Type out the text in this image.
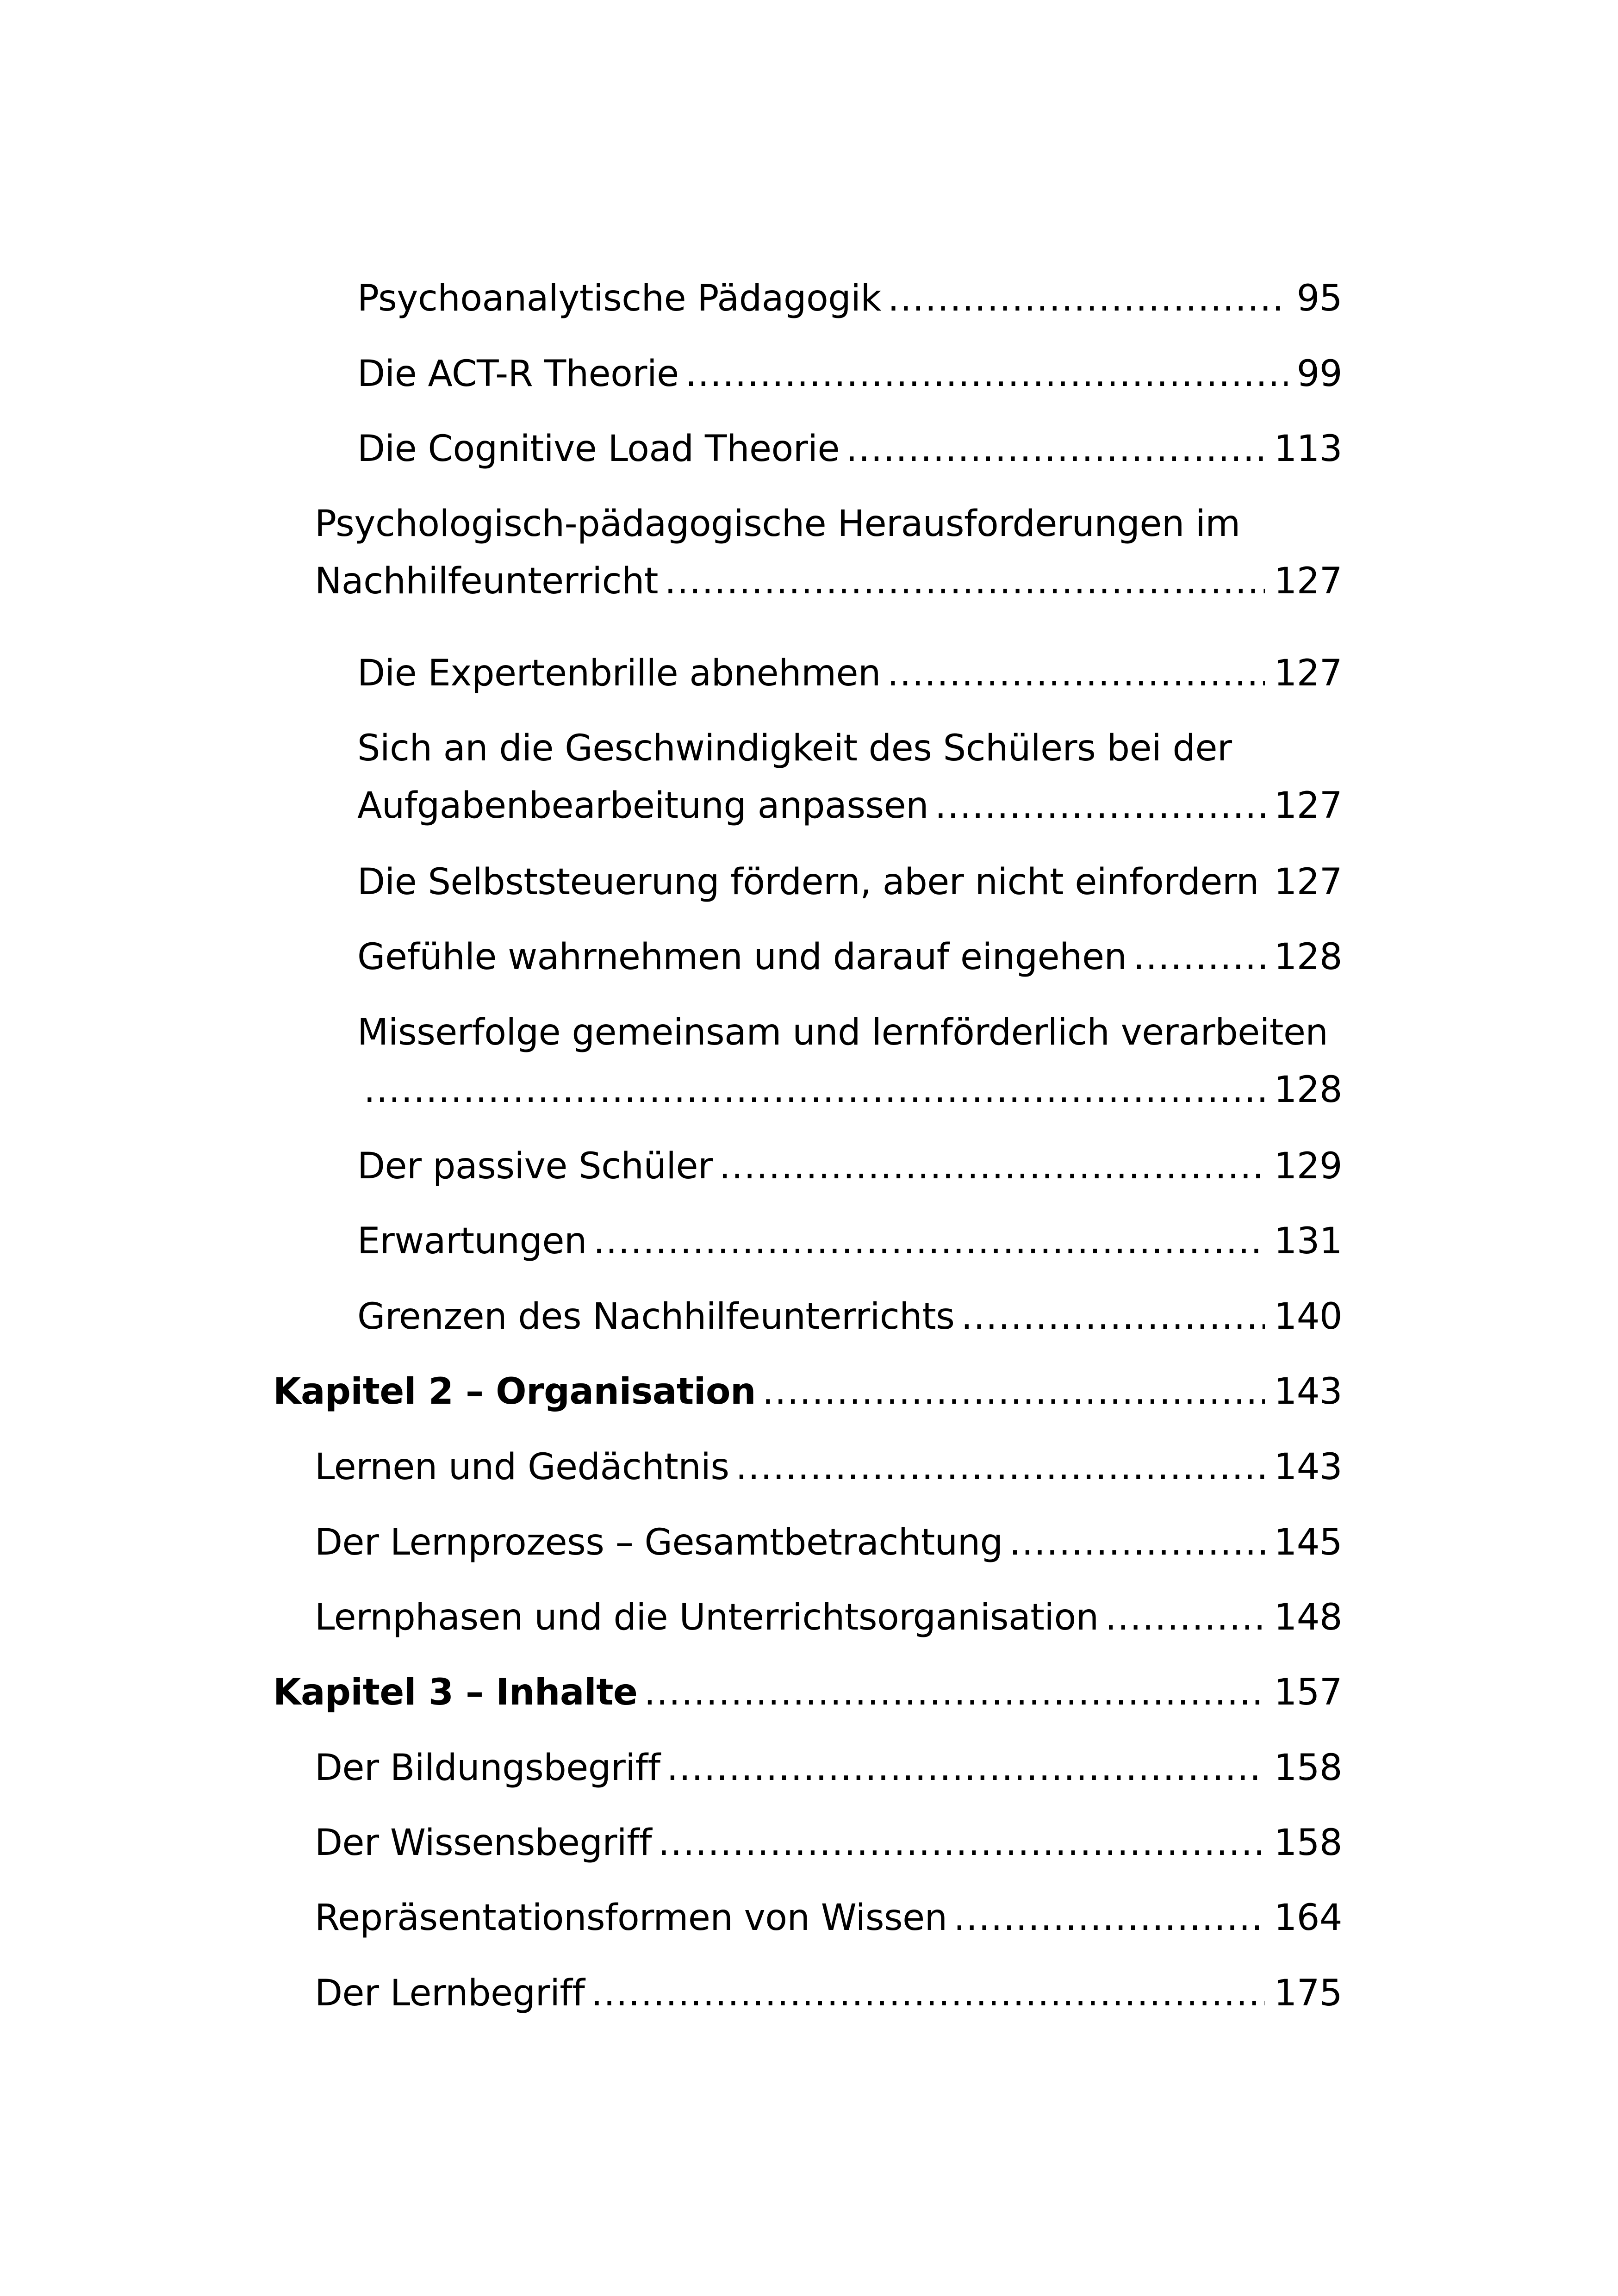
Psychoanalytische Pädagogik	95
.....
Die ACT-R Theorie	99
.....
Die Cognitive Load Theorie	113
.....
Psychologisch-pädagogische Herausforderungen im
Nachhilfeunterricht	127
.....
Die Expertenbrille abnehmen	127
.....
Sich an die Geschwindigkeit des Schülers bei der
Aufgabenbearbeitung anpassen	127
.....
Die Selbststeuerung fördern, aber nicht einfordern 127
Gefühle wahrnehmen und darauf eingehen	128
.....
Misserfolge gemeinsam und lernförderlich verarbeiten
128
.....
Der passive Schüler	129
.....
Erwartungen	131
.....
Grenzen des Nachhilfeunterrichts	140
.....
Kapitel 2 – Organisation	143
.....
Lernen und Gedächtnis	143
.....
Der Lernprozess – Gesamtbetrachtung	145
.....
Lernphasen und die Unterrichtsorganisation	148
.....
Kapitel 3 – Inhalte	157
.....
Der Bildungsbegriff	158
.....
Der Wissensbegriff	158
.....
Repräsentationsformen von Wissen	164
.....
Der Lernbegriff	175
.....
